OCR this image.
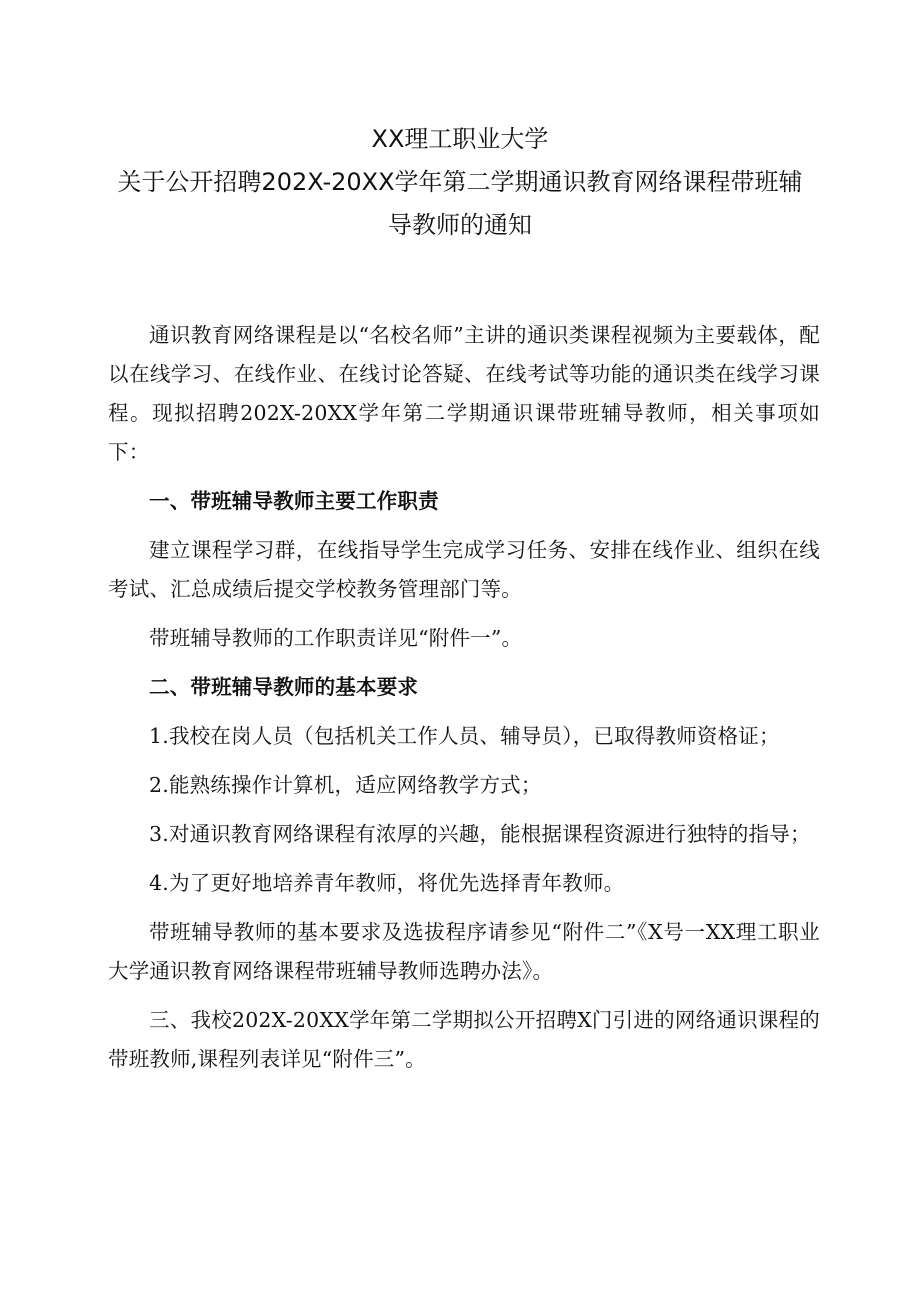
XX理工职业大学
关于公开招聘202X-20XX学年第二学期通识教育网络课程带班辅
导教师的通知
通识教育网络课程是以“名校名师”主讲的通识类课程视频为主要载体，配以在线学习、在线作业、在线讨论答疑、在线考试等功能的通识类在线学习课程。现拟招聘202X-20XX学年第二学期通识课带班辅导教师，相关事项如下：
一、带班辅导教师主要工作职责
建立课程学习群，在线指导学生完成学习任务、安排在线作业、组织在线考试、汇总成绩后提交学校教务管理部门等。
带班辅导教师的工作职责详见“附件一”。
二、带班辅导教师的基本要求
1.我校在岗人员（包括机关工作人员、辅导员），已取得教师资格证；
2.能熟练操作计算机，适应网络教学方式；
3.对通识教育网络课程有浓厚的兴趣，能根据课程资源进行独特的指导；
4.为了更好地培养青年教师，将优先选择青年教师。
带班辅导教师的基本要求及选拔程序请参见“附件二”《X号一XX理工职业大学通识教育网络课程带班辅导教师选聘办法》。
三、我校202X-20XX学年第二学期拟公开招聘X门引进的网络通识课程的带班教师,课程列表详见“附件三”。
